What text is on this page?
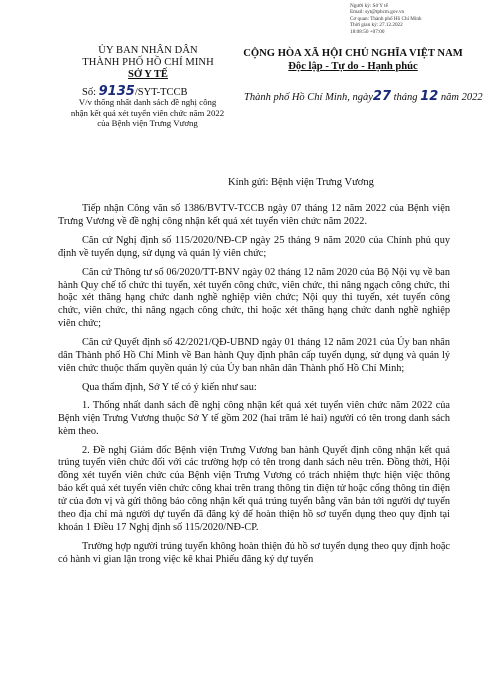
Người ký: Sở Y tế
Email: syt@tphcm.gov.vn
Cơ quan: Thành phố Hồ Chí Minh
Thời gian ký: 27.12.2022
18:08:50 +07:00
ỦY BAN NHÂN DÂN
THÀNH PHỐ HỒ CHÍ MINH
SỞ Y TẾ
CỘNG HÒA XÃ HỘI CHỦ NGHĨA VIỆT NAM
Độc lập - Tự do - Hạnh phúc
Số: 9135/SYT-TCCB
V/v thống nhất danh sách đề nghị công nhận kết quả xét tuyển viên chức năm 2022 của Bệnh viện Trưng Vương
Thành phố Hồ Chí Minh, ngày27 tháng 12 năm 2022
Kính gửi: Bệnh viện Trưng Vương

Tiếp nhận Công văn số 1386/BVTV-TCCB ngày 07 tháng 12 năm 2022 của Bệnh viện Trưng Vương về đề nghị công nhận kết quả xét tuyển viên chức năm 2022.

Căn cứ Nghị định số 115/2020/NĐ-CP ngày 25 tháng 9 năm 2020 của Chính phủ quy định về tuyển dụng, sử dụng và quản lý viên chức;

Căn cứ Thông tư số 06/2020/TT-BNV ngày 02 tháng 12 năm 2020 của Bộ Nội vụ về ban hành Quy chế tổ chức thi tuyển, xét tuyển công chức, viên chức, thi nâng ngạch công chức, thi hoặc xét thăng hạng chức danh nghề nghiệp viên chức; Nội quy thi tuyển, xét tuyển công chức, viên chức, thi nâng ngạch công chức, thi hoặc xét thăng hạng chức danh nghề nghiệp viên chức;

Căn cứ Quyết định số 42/2021/QĐ-UBND ngày 01 tháng 12 năm 2021 của Ủy ban nhân dân Thành phố Hồ Chí Minh về Ban hành Quy định phân cấp tuyển dụng, sử dụng và quản lý viên chức thuộc thẩm quyền quản lý của Ủy ban nhân dân Thành phố Hồ Chí Minh;

Qua thẩm định, Sở Y tế có ý kiến như sau:

1. Thống nhất danh sách đề nghị công nhận kết quả xét tuyển viên chức năm 2022 của Bệnh viện Trưng Vương thuộc Sở Y tế gồm 202 (hai trăm lẻ hai) người có tên trong danh sách kèm theo.

2. Đề nghị Giám đốc Bệnh viện Trưng Vương ban hành Quyết định công nhận kết quả trúng tuyển viên chức đối với các trường hợp có tên trong danh sách nêu trên. Đồng thời, Hội đồng xét tuyển viên chức của Bệnh viện Trưng Vương có trách nhiệm thực hiện việc thông báo kết quả xét tuyển viên chức công khai trên trang thông tin điện tử hoặc cổng thông tin điện tử của đơn vị và gửi thông báo công nhận kết quả trúng tuyển bằng văn bản tới người dự tuyển theo địa chỉ mà người dự tuyển đã đăng ký để hoàn thiện hồ sơ tuyển dụng theo quy định tại khoản 1 Điều 17 Nghị định số 115/2020/NĐ-CP.

Trường hợp người trúng tuyển không hoàn thiện đủ hồ sơ tuyển dụng theo quy định hoặc có hành vi gian lận trong việc kê khai Phiếu đăng ký dự tuyển
